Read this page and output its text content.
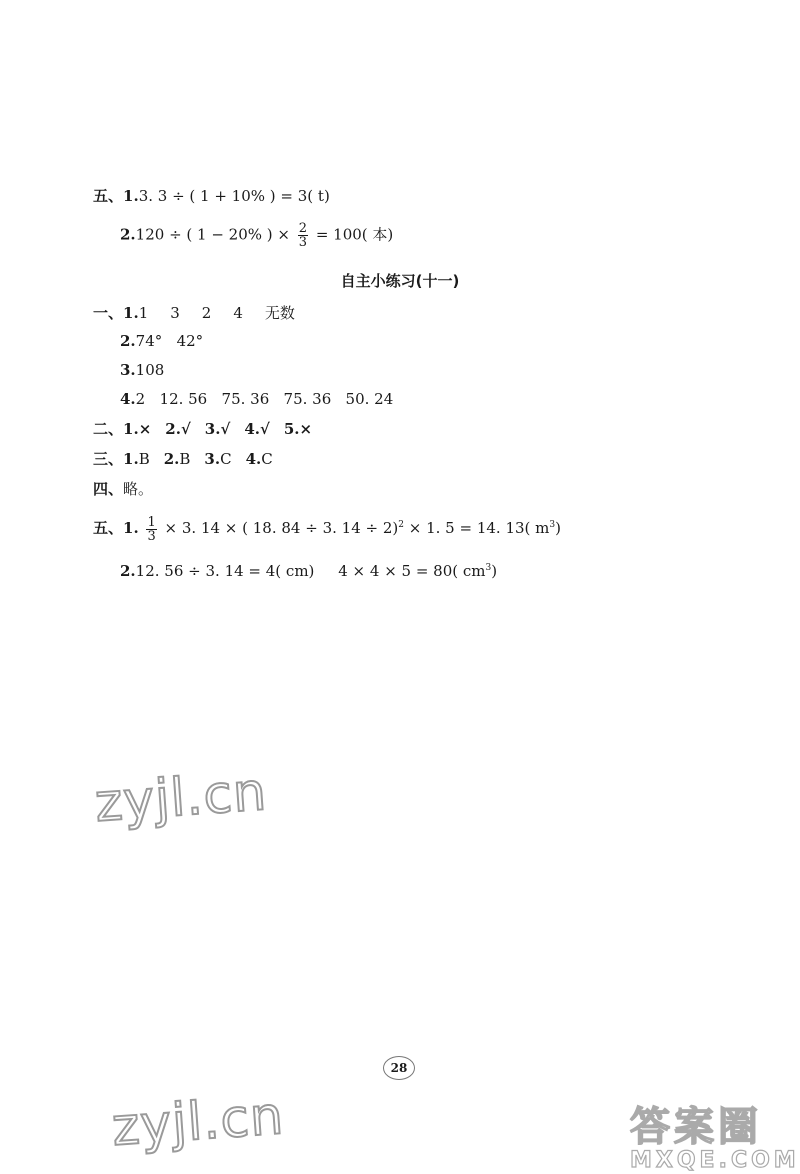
五、1.3. 3 ÷ ( 1 + 10% ) = 3( t)
2.120 ÷ ( 1 − 20% ) × $\frac{2}{3} = 100$( 本)
自主小练习(十一)
一、1.1 3 2 4 无数
2.74°   42°
3.108
4.2   12. 56   75. 36   75. 36   50. 24
二、1.× 2.√ 3.√ 4.√ 5.×
三、1.B 2.B 3.C 4.C
四、略。
五、1. $\frac{1}{3} \times 3$. 14 × ( 18. 84 ÷ 3. 14 ÷ 2)$^2$ × 1. 5 = 14. 13( $m^3$)
2.12. 56 ÷ 3. 14 = 4( cm)     4 × 4 × 5 = 80( $cm^3$)
zyjl.cn
zyjl.cn
28
答案圈
MXQE.COM
